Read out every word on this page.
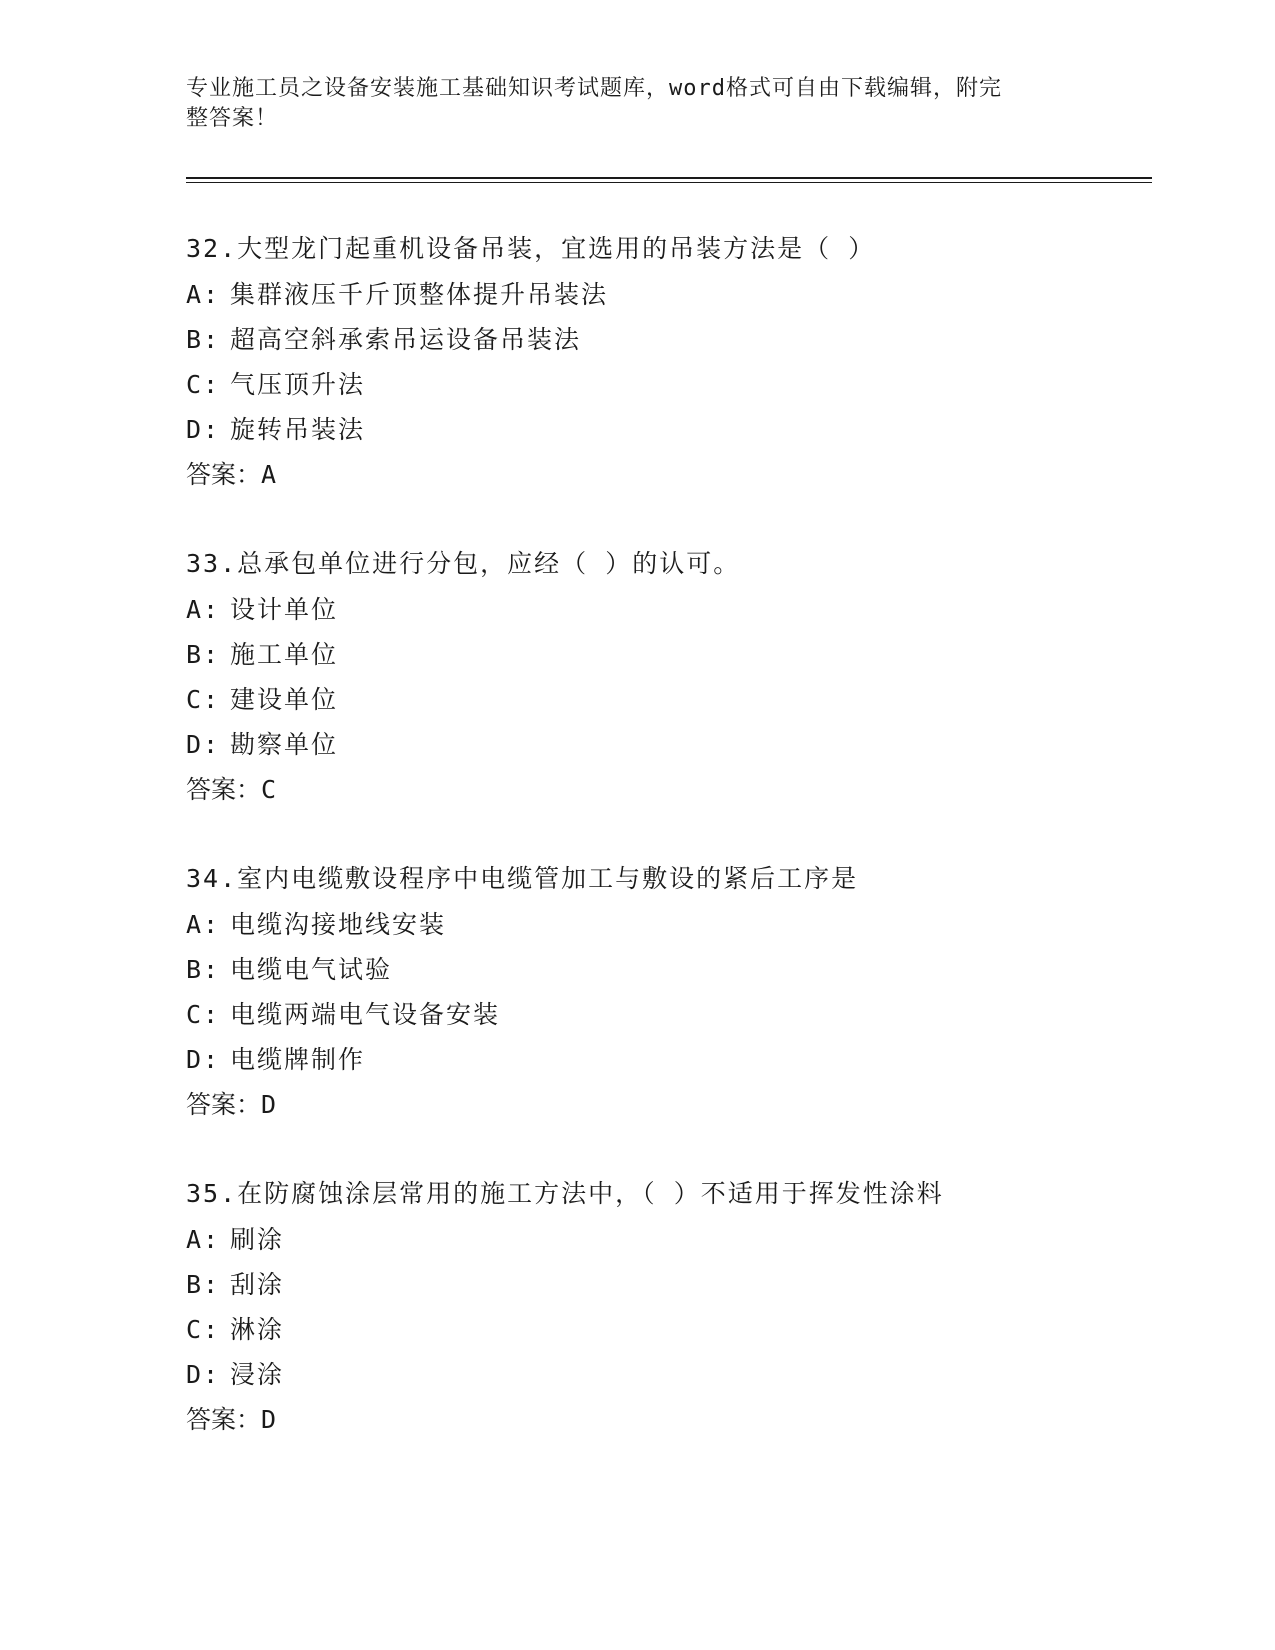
专业施工员之设备安装施工基础知识考试题库，word格式可自由下载编辑，附完
整答案！
32.大型龙门起重机设备吊装，宜选用的吊装方法是（ ）
A: 集群液压千斤顶整体提升吊装法
B: 超高空斜承索吊运设备吊装法
C: 气压顶升法
D: 旋转吊装法
答案：A
33.总承包单位进行分包，应经（ ）的认可。
A: 设计单位
B: 施工单位
C: 建设单位
D: 勘察单位
答案：C
34.室内电缆敷设程序中电缆管加工与敷设的紧后工序是
A: 电缆沟接地线安装
B: 电缆电气试验
C: 电缆两端电气设备安装
D: 电缆牌制作
答案：D
35.在防腐蚀涂层常用的施工方法中，（ ）不适用于挥发性涂料
A: 刷涂
B: 刮涂
C: 淋涂
D: 浸涂
答案：D
